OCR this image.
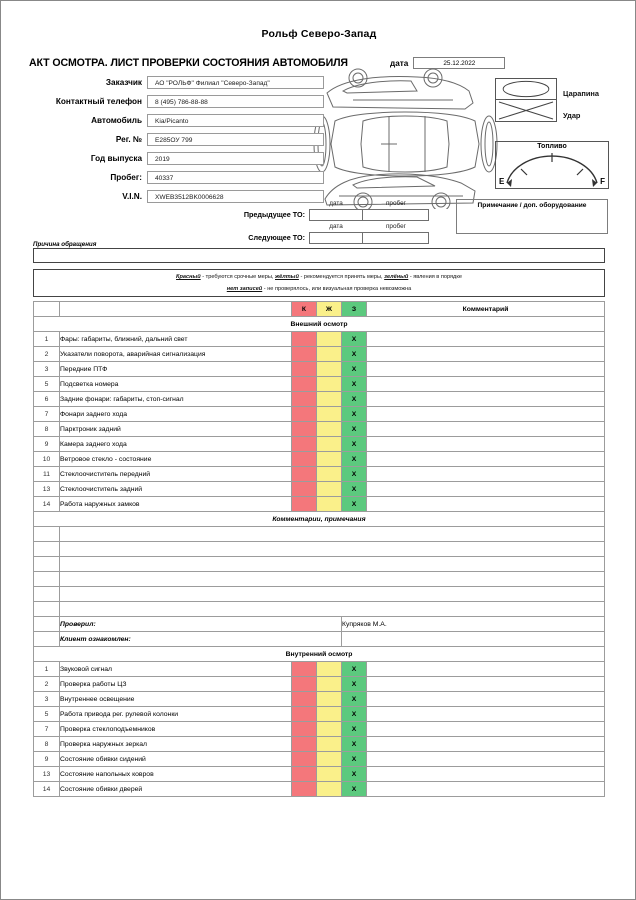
Рольф Северо-Запад
АКТ ОСМОТРА. ЛИСТ ПРОВЕРКИ СОСТОЯНИЯ АВТОМОБИЛЯ	дата	25.12.2022
Царапина
Удар
Топливо
E	F
Заказчик	АО "РОЛЬФ" Филиал "Северо-Запад"
Контактный телефон	8 (495) 786-88-88
Автомобиль	Kia/Picanto
Рег. №	Е285ОУ 799
Год выпуска	2019
Пробег:	40337
V.I.N.	XWEB3512BK0006628
дата	пробег
Предыдущее ТО:
дата	пробег
Следующее ТО:
Примечание / доп. оборудование
Причина обращения
Красный - требуются срочные меры, жёлтый - рекомендуется принять меры, зелёный - явления в порядке
нет записей - не проверялось, или визуальная проверка невозможна
		К	Ж	З	Комментарий
Внешний осмотр					
1	Фары: габариты, ближний, дальний свет			X	
2	Указатели поворота, аварийная сигнализация			X	
3	Передние ПТФ			X	
5	Подсветка номера			X	
6	Задние фонари: габариты, стоп-сигнал			X	
7	Фонари заднего хода			X	
8	Парктроник задний			X	
9	Камера заднего хода			X	
10	Ветровое стекло - состояние			X	
11	Стеклоочиститель передний			X	
13	Стеклоочиститель задний			X	
14	Работа наружных замков			X	
Комментарии, примечания					

	Проверил:			Купряков М.А.	
	Клиент ознакомлен:				
Внутренний осмотр					
1	Звуковой сигнал			X	
2	Проверка работы ЦЗ			X	
3	Внутреннее освещение			X	
5	Работа привода рег. рулевой колонки			X	
7	Проверка стеклоподъемников			X	
8	Проверка наружных зеркал			X	
9	Состояние обивки сидений			X	
13	Состояние напольных ковров			X	
14	Состояние обивки дверей			X	
